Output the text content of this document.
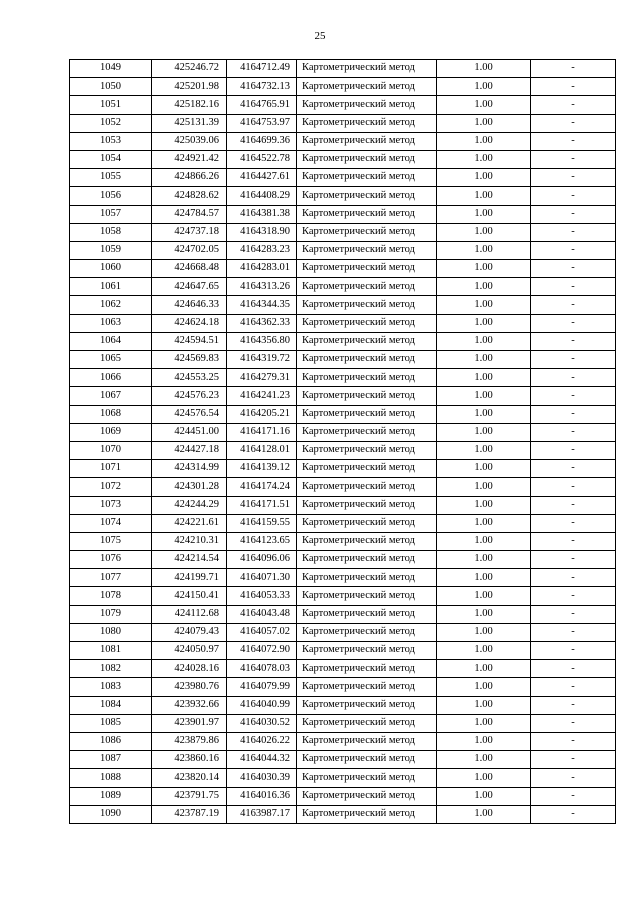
25
1049	425246.72	4164712.49	Картометрический метод	1.00	-
1050	425201.98	4164732.13	Картометрический метод	1.00	-
1051	425182.16	4164765.91	Картометрический метод	1.00	-
1052	425131.39	4164753.97	Картометрический метод	1.00	-
1053	425039.06	4164699.36	Картометрический метод	1.00	-
1054	424921.42	4164522.78	Картометрический метод	1.00	-
1055	424866.26	4164427.61	Картометрический метод	1.00	-
1056	424828.62	4164408.29	Картометрический метод	1.00	-
1057	424784.57	4164381.38	Картометрический метод	1.00	-
1058	424737.18	4164318.90	Картометрический метод	1.00	-
1059	424702.05	4164283.23	Картометрический метод	1.00	-
1060	424668.48	4164283.01	Картометрический метод	1.00	-
1061	424647.65	4164313.26	Картометрический метод	1.00	-
1062	424646.33	4164344.35	Картометрический метод	1.00	-
1063	424624.18	4164362.33	Картометрический метод	1.00	-
1064	424594.51	4164356.80	Картометрический метод	1.00	-
1065	424569.83	4164319.72	Картометрический метод	1.00	-
1066	424553.25	4164279.31	Картометрический метод	1.00	-
1067	424576.23	4164241.23	Картометрический метод	1.00	-
1068	424576.54	4164205.21	Картометрический метод	1.00	-
1069	424451.00	4164171.16	Картометрический метод	1.00	-
1070	424427.18	4164128.01	Картометрический метод	1.00	-
1071	424314.99	4164139.12	Картометрический метод	1.00	-
1072	424301.28	4164174.24	Картометрический метод	1.00	-
1073	424244.29	4164171.51	Картометрический метод	1.00	-
1074	424221.61	4164159.55	Картометрический метод	1.00	-
1075	424210.31	4164123.65	Картометрический метод	1.00	-
1076	424214.54	4164096.06	Картометрический метод	1.00	-
1077	424199.71	4164071.30	Картометрический метод	1.00	-
1078	424150.41	4164053.33	Картометрический метод	1.00	-
1079	424112.68	4164043.48	Картометрический метод	1.00	-
1080	424079.43	4164057.02	Картометрический метод	1.00	-
1081	424050.97	4164072.90	Картометрический метод	1.00	-
1082	424028.16	4164078.03	Картометрический метод	1.00	-
1083	423980.76	4164079.99	Картометрический метод	1.00	-
1084	423932.66	4164040.99	Картометрический метод	1.00	-
1085	423901.97	4164030.52	Картометрический метод	1.00	-
1086	423879.86	4164026.22	Картометрический метод	1.00	-
1087	423860.16	4164044.32	Картометрический метод	1.00	-
1088	423820.14	4164030.39	Картометрический метод	1.00	-
1089	423791.75	4164016.36	Картометрический метод	1.00	-
1090	423787.19	4163987.17	Картометрический метод	1.00	-
